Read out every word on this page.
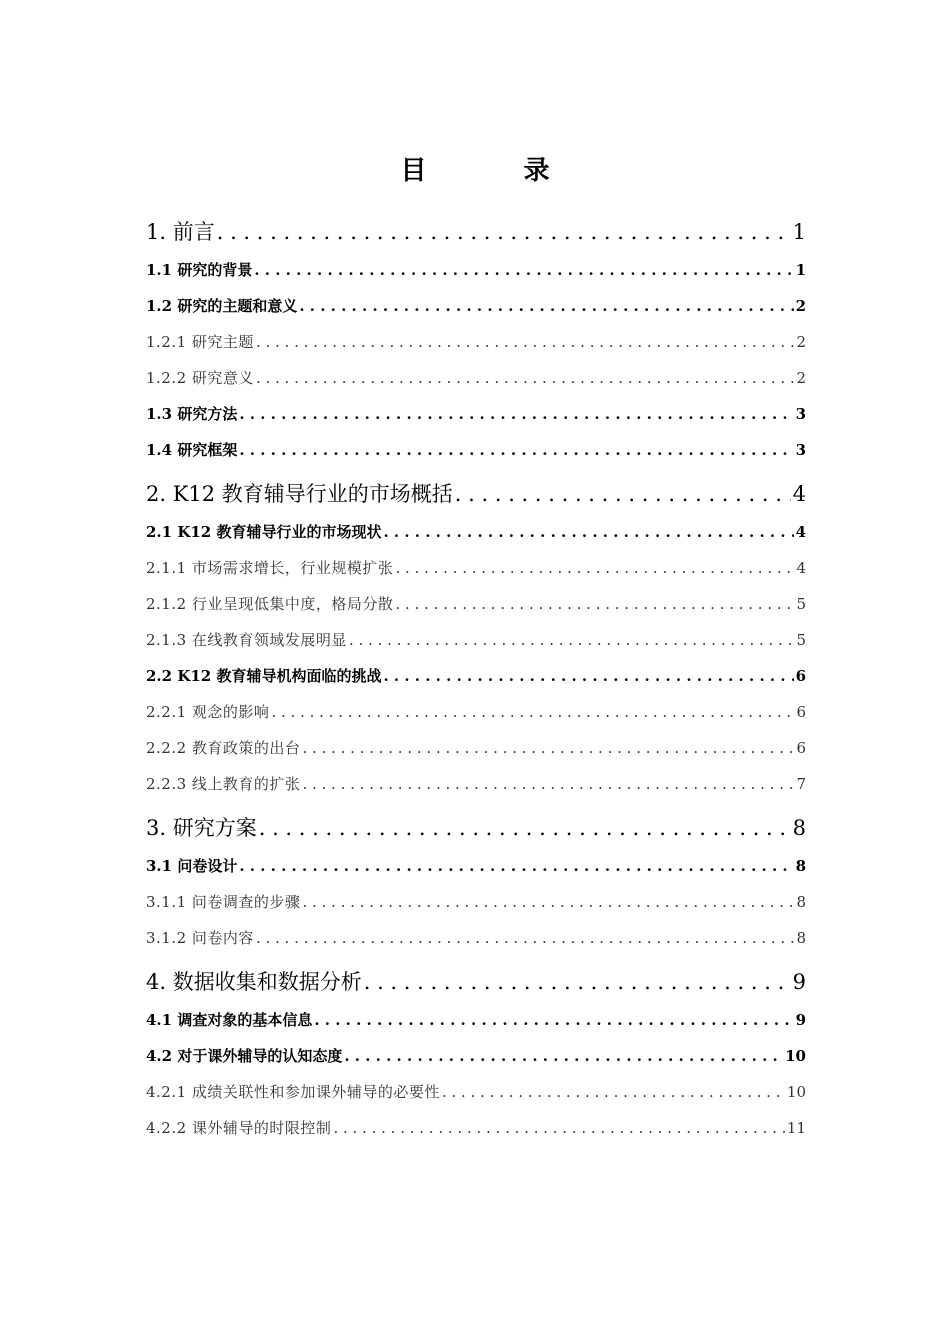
目 录
1. 前言 . . .	1
1.1 研究的背景 . . .	1
1.2 研究的主题和意义 . . .	2
1.2.1 研究主题 . . .	2
1.2.2 研究意义 . . .	2
1.3 研究方法 . . .	3
1.4 研究框架 . . .	3
2. K12 教育辅导行业的市场概括 . . .	4
2.1 K12 教育辅导行业的市场现状 . . .	4
2.1.1 市场需求增长，行业规模扩张 . . .	4
2.1.2 行业呈现低集中度，格局分散 . . .	5
2.1.3 在线教育领域发展明显 . . .	5
2.2 K12 教育辅导机构面临的挑战 . . .	6
2.2.1 观念的影响 . . .	6
2.2.2 教育政策的出台 . . .	6
2.2.3 线上教育的扩张 . . .	7
3. 研究方案 . . .	8
3.1 问卷设计 . . .	8
3.1.1 问卷调查的步骤 . . .	8
3.1.2 问卷内容 . . .	8
4. 数据收集和数据分析 . . .	9
4.1 调查对象的基本信息 . . .	9
4.2 对于课外辅导的认知态度 . . .	10
4.2.1 成绩关联性和参加课外辅导的必要性 . . .	10
4.2.2 课外辅导的时限控制 . . .	11
